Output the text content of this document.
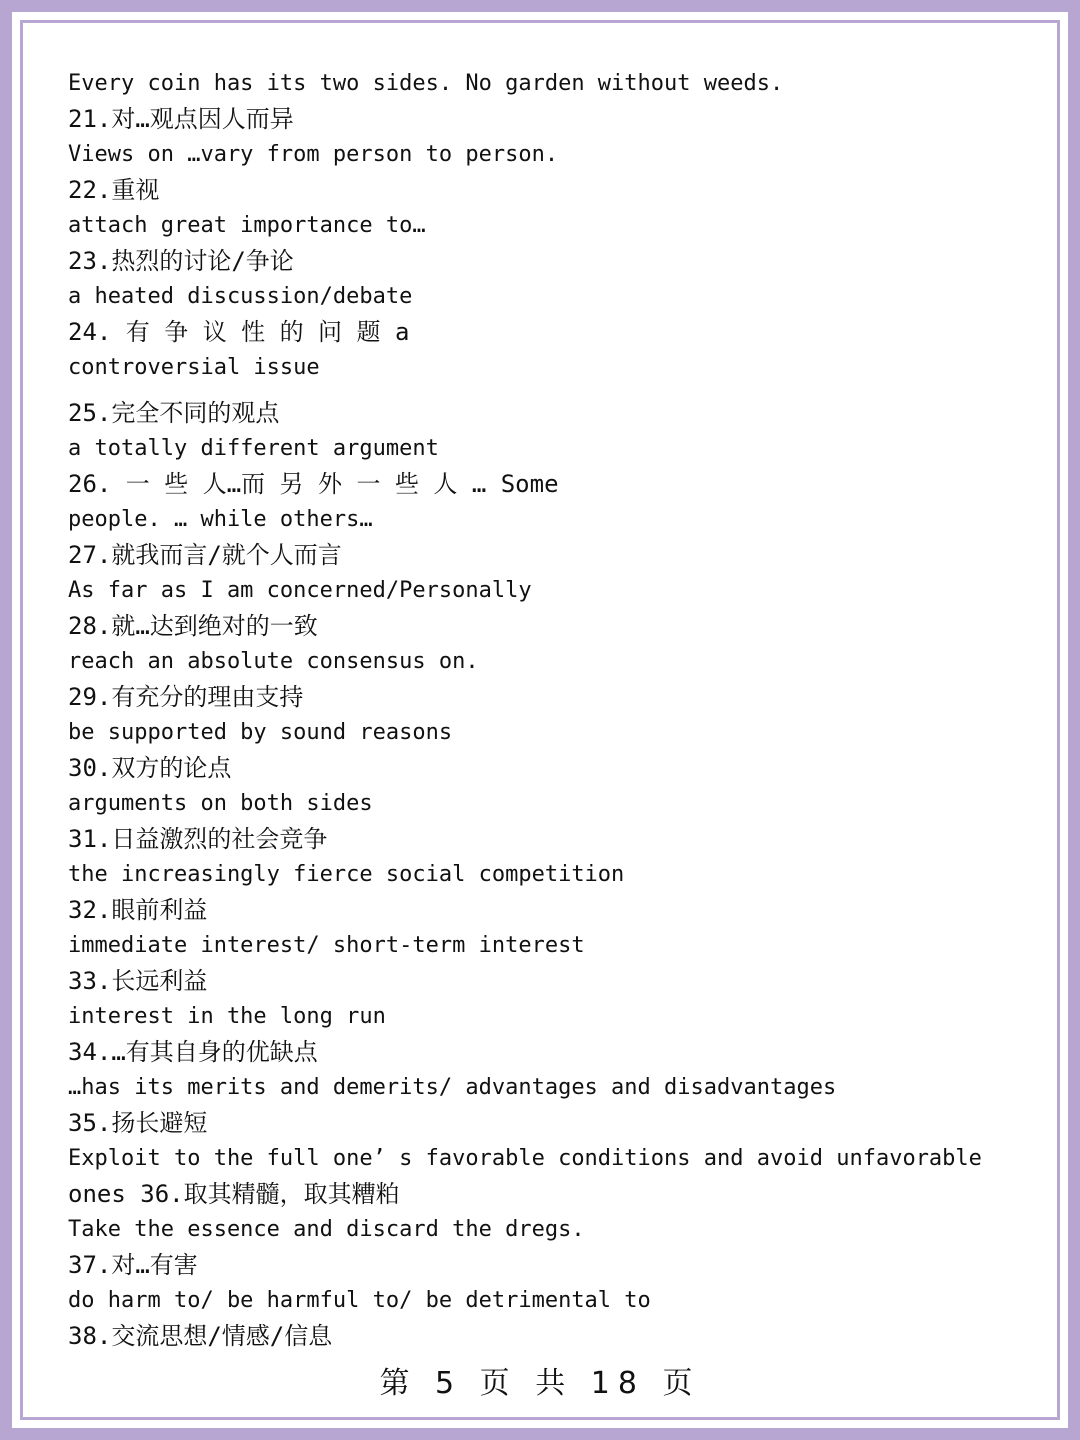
Every coin has its two sides. No garden without weeds.
21.对…观点因人而异
Views on …vary from person to person.
22.重视
attach great importance to…
23.热烈的讨论/争论
a heated discussion/debate
24. 有 争 议 性 的 问 题 a
controversial issue
25.完全不同的观点
a totally different argument
26. 一 些 人…而 另 外 一 些 人 … Some
people. … while others…
27.就我而言/就个人而言
As far as I am concerned/Personally
28.就…达到绝对的一致
reach an absolute consensus on.
29.有充分的理由支持
be supported by sound reasons
30.双方的论点
arguments on both sides
31.日益激烈的社会竞争
the increasingly fierce social competition
32.眼前利益
immediate interest/ short-term interest
33.长远利益
interest in the long run
34.…有其自身的优缺点
…has its merits and demerits/ advantages and disadvantages
35.扬长避短
Exploit to the full one’ s favorable conditions and avoid unfavorable
ones 36.取其精髓，取其糟粕
Take the essence and discard the dregs.
37.对…有害
do harm to/ be harmful to/ be detrimental to
38.交流思想/情感/信息
第 5 页 共 18 页
